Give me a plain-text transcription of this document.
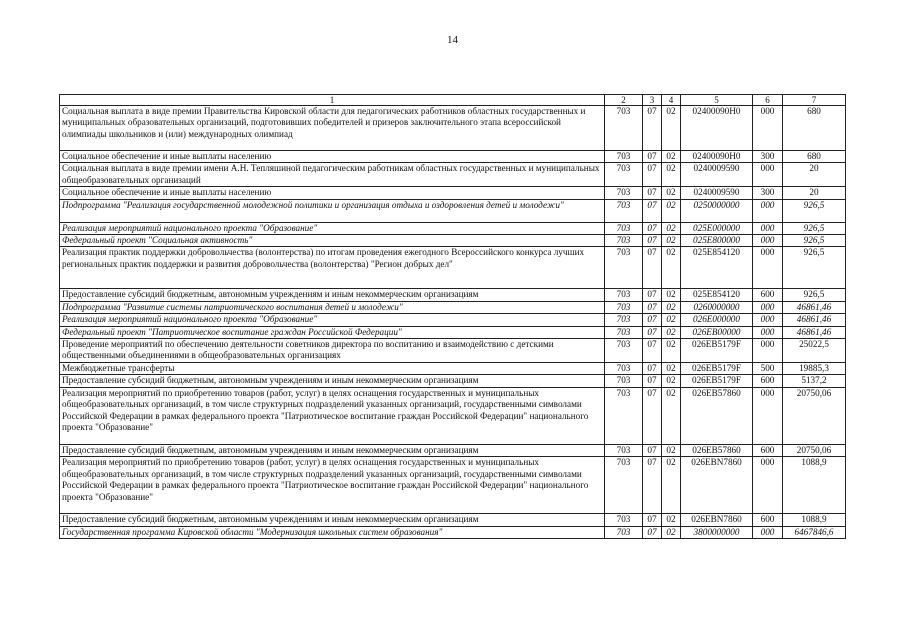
14
1	2	3	4	5	6	7
Социальная выплата в виде премии Правительства Кировской области для педагогических работников областных государственных и муниципальных образовательных организаций, подготовивших победителей и призеров заключительного этапа всероссийской олимпиады школьников и (или) международных олимпиад	703	07	02	02400090H0	000	680
Социальное обеспечение и иные выплаты населению	703	07	02	02400090H0	300	680
Социальная выплата в виде премии имени А.Н. Тепляшиной педагогическим работникам областных государственных и муниципальных общеобразовательных организаций	703	07	02	0240009590	000	20
Социальное обеспечение и иные выплаты населению	703	07	02	0240009590	300	20
Подпрограмма "Реализация государственной молодежной политики и организация отдыха и оздоровления детей и молодежи"	703	07	02	0250000000	000	926,5
Реализация мероприятий национального проекта "Образование"	703	07	02	025E000000	000	926,5
Федеральный проект "Социальная активность"	703	07	02	025E800000	000	926,5
Реализация практик поддержки добровольчества (волонтерства) по итогам проведения ежегодного Всероссийского конкурса лучших региональных практик поддержки и развития добровольчества (волонтерства) "Регион добрых дел"	703	07	02	025E854120	000	926,5
Предоставление субсидий бюджетным, автономным учреждениям и иным некоммерческим организациям	703	07	02	025E854120	600	926,5
Подпрограмма "Развитие системы патриотического воспитания детей и молодежи"	703	07	02	0260000000	000	46861,46
Реализация мероприятий национального проекта "Образование"	703	07	02	026E000000	000	46861,46
Федеральный проект "Патриотическое воспитание граждан Российской Федерации"	703	07	02	026EB00000	000	46861,46
Проведение мероприятий по обеспечению деятельности советников директора по воспитанию и взаимодействию с детскими общественными объединениями в общеобразовательных организациях	703	07	02	026EB5179F	000	25022,5
Межбюджетные трансферты	703	07	02	026EB5179F	500	19885,3
Предоставление субсидий бюджетным, автономным учреждениям и иным некоммерческим организациям	703	07	02	026EB5179F	600	5137,2
Реализация мероприятий по приобретению товаров (работ, услуг) в целях оснащения государственных и муниципальных общеобразовательных организаций, в том числе структурных подразделений указанных организаций, государственными символами Российской Федерации в рамках федерального проекта "Патриотическое воспитание граждан Российской Федерации" национального проекта "Образование"	703	07	02	026EB57860	000	20750,06
Предоставление субсидий бюджетным, автономным учреждениям и иным некоммерческим организациям	703	07	02	026EB57860	600	20750,06
Реализация мероприятий по приобретению товаров (работ, услуг) в целях оснащения государственных и муниципальных общеобразовательных организаций, в том числе структурных подразделений указанных организаций, государственными символами Российской Федерации в рамках федерального проекта "Патриотическое воспитание граждан Российской Федерации" национального проекта "Образование"	703	07	02	026EBN7860	000	1088,9
Предоставление субсидий бюджетным, автономным учреждениям и иным некоммерческим организациям	703	07	02	026EBN7860	600	1088,9
Государственная программа Кировской области "Модернизация школьных систем образования"	703	07	02	3800000000	000	6467846,6
